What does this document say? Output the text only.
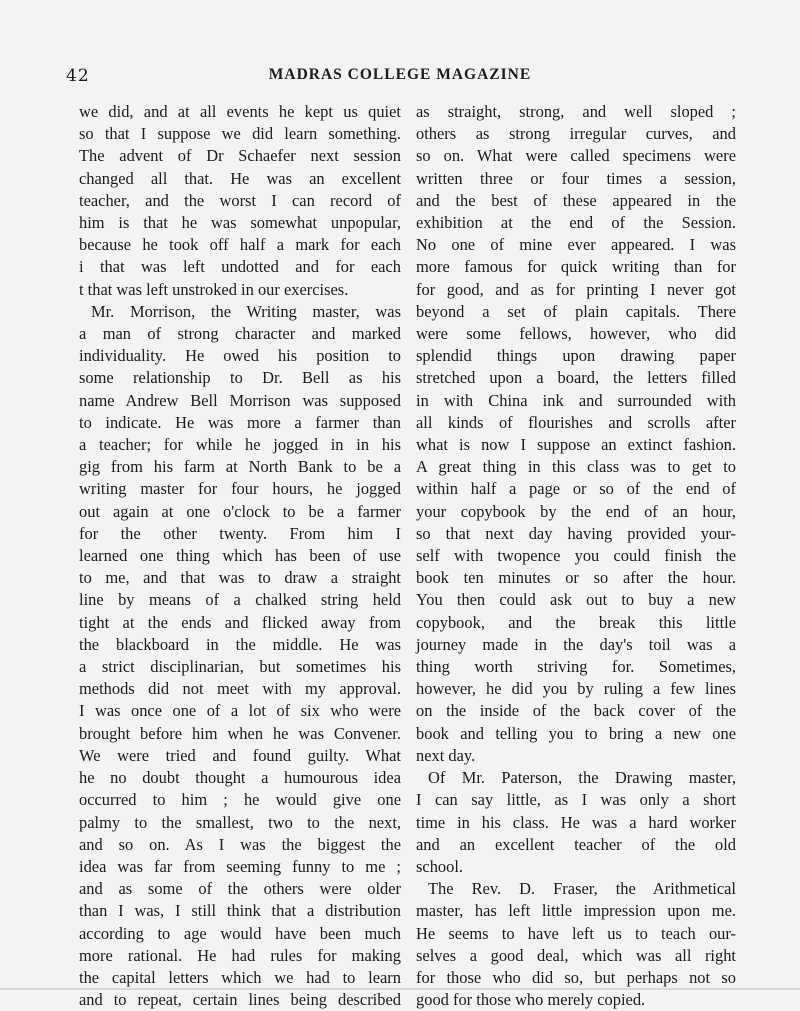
42	MADRAS COLLEGE MAGAZINE
we did, and at all events he kept us quiet
so that I suppose we did learn something.
The advent of Dr Schaefer next session
changed all that. He was an excellent
teacher, and the worst I can record of
him is that he was somewhat unpopular,
because he took off half a mark for each
i that was left undotted and for each
t that was left unstroked in our exercises.
Mr. Morrison, the Writing master, was
a man of strong character and marked
individuality. He owed his position to
some relationship to Dr. Bell as his
name Andrew Bell Morrison was supposed
to indicate. He was more a farmer than
a teacher; for while he jogged in in his
gig from his farm at North Bank to be a
writing master for four hours, he jogged
out again at one o'clock to be a farmer
for the other twenty. From him I
learned one thing which has been of use
to me, and that was to draw a straight
line by means of a chalked string held
tight at the ends and flicked away from
the blackboard in the middle. He was
a strict disciplinarian, but sometimes his
methods did not meet with my approval.
I was once one of a lot of six who were
brought before him when he was Convener.
We were tried and found guilty. What
he no doubt thought a humourous idea
occurred to him ; he would give one
palmy to the smallest, two to the next,
and so on. As I was the biggest the
idea was far from seeming funny to me ;
and as some of the others were older
than I was, I still think that a distribution
according to age would have been much
more rational. He had rules for making
the capital letters which we had to learn
and to repeat, certain lines being described
as straight, strong, and well sloped ;
others as strong irregular curves, and
so on. What were called specimens were
written three or four times a session,
and the best of these appeared in the
exhibition at the end of the Session.
No one of mine ever appeared. I was
more famous for quick writing than for
for good, and as for printing I never got
beyond a set of plain capitals. There
were some fellows, however, who did
splendid things upon drawing paper
stretched upon a board, the letters filled
in with China ink and surrounded with
all kinds of flourishes and scrolls after
what is now I suppose an extinct fashion.
A great thing in this class was to get to
within half a page or so of the end of
your copybook by the end of an hour,
so that next day having provided your-
self with twopence you could finish the
book ten minutes or so after the hour.
You then could ask out to buy a new
copybook, and the break this little
journey made in the day's toil was a
thing worth striving for. Sometimes,
however, he did you by ruling a few lines
on the inside of the back cover of the
book and telling you to bring a new one
next day.
Of Mr. Paterson, the Drawing master,
I can say little, as I was only a short
time in his class. He was a hard worker
and an excellent teacher of the old
school.
The Rev. D. Fraser, the Arithmetical
master, has left little impression upon me.
He seems to have left us to teach our-
selves a good deal, which was all right
for those who did so, but perhaps not so
good for those who merely copied.
